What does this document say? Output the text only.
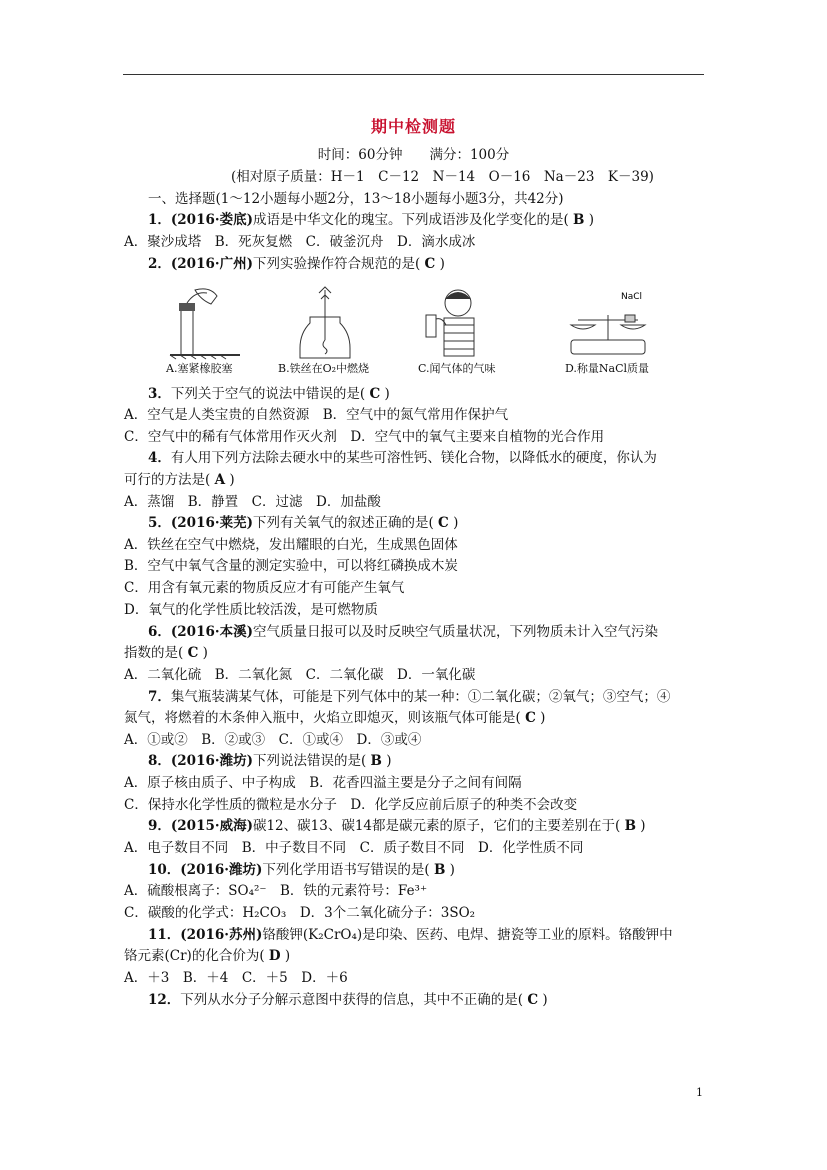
期中检测题
时间：60分钟　　满分：100分
(相对原子质量：H－1　C－12　N－14　O－16　Na－23　K－39)
一、选择题(1～12小题每小题2分，13～18小题每小题3分，共42分)
1．(2016·娄底)成语是中华文化的瑰宝。下列成语涉及化学变化的是( B )
A．聚沙成塔　B．死灰复燃　C．破釜沉舟　D．滴水成冰
2．(2016·广州)下列实验操作符合规范的是( C )
NaCl
A.塞紧橡胶塞	B.铁丝在O₂中燃烧	C.闻气体的气味	D.称量NaCl质量
3．下列关于空气的说法中错误的是( C )
A．空气是人类宝贵的自然资源　B．空气中的氮气常用作保护气
C．空气中的稀有气体常用作灭火剂　D．空气中的氧气主要来自植物的光合作用
4．有人用下列方法除去硬水中的某些可溶性钙、镁化合物，以降低水的硬度，你认为
可行的方法是( A )
A．蒸馏　B．静置　C．过滤　D．加盐酸
5．(2016·莱芜)下列有关氧气的叙述正确的是( C )
A．铁丝在空气中燃烧，发出耀眼的白光，生成黑色固体
B．空气中氧气含量的测定实验中，可以将红磷换成木炭
C．用含有氧元素的物质反应才有可能产生氧气
D．氧气的化学性质比较活泼，是可燃物质
6．(2016·本溪)空气质量日报可以及时反映空气质量状况，下列物质未计入空气污染
指数的是( C )
A．二氧化硫　B．二氧化氮　C．二氧化碳　D．一氧化碳
7．集气瓶装满某气体，可能是下列气体中的某一种：①二氧化碳；②氧气；③空气；④
氮气，将燃着的木条伸入瓶中，火焰立即熄灭，则该瓶气体可能是( C )
A．①或②　B．②或③　C．①或④　D．③或④
8．(2016·潍坊)下列说法错误的是( B )
A．原子核由质子、中子构成　B．花香四溢主要是分子之间有间隔
C．保持水化学性质的微粒是水分子　D．化学反应前后原子的种类不会改变
9．(2015·威海)碳12、碳13、碳14都是碳元素的原子，它们的主要差别在于( B )
A．电子数目不同　B．中子数目不同　C．质子数目不同　D．化学性质不同
10．(2016·潍坊)下列化学用语书写错误的是( B )
A．硫酸根离子：SO₄²⁻　B．铁的元素符号：Fe³⁺
C．碳酸的化学式：H₂CO₃　D．3个二氧化硫分子：3SO₂
11．(2016·苏州)铬酸钾(K₂CrO₄)是印染、医药、电焊、搪瓷等工业的原料。铬酸钾中
铬元素(Cr)的化合价为( D )
A．＋3　B．＋4　C．＋5　D．＋6
12．下列从水分子分解示意图中获得的信息，其中不正确的是( C )
1
